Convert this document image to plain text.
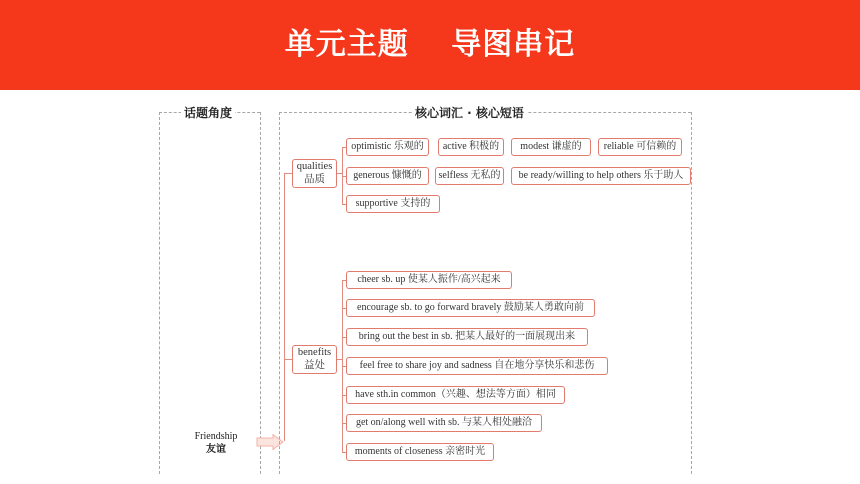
单元主题　 导图串记
话题角度
Friendship
友谊
核心词汇 · 核心短语
qualities
品质
optimistic 乐观的	active 积极的	modest 谦虚的	reliable 可信赖的
generous 慷慨的	selfless 无私的	be ready/willing to help others 乐于助人
supportive 支持的
benefits
益处
cheer sb. up 使某人振作/高兴起来
encourage sb. to go forward bravely 鼓励某人勇敢向前
bring out the best in sb. 把某人最好的一面展现出来
feel free to share joy and sadness 自在地分享快乐和悲伤
have sth.in common（兴趣、想法等方面）相同
get on/along well with sb. 与某人相处融洽
moments of closeness 亲密时光
